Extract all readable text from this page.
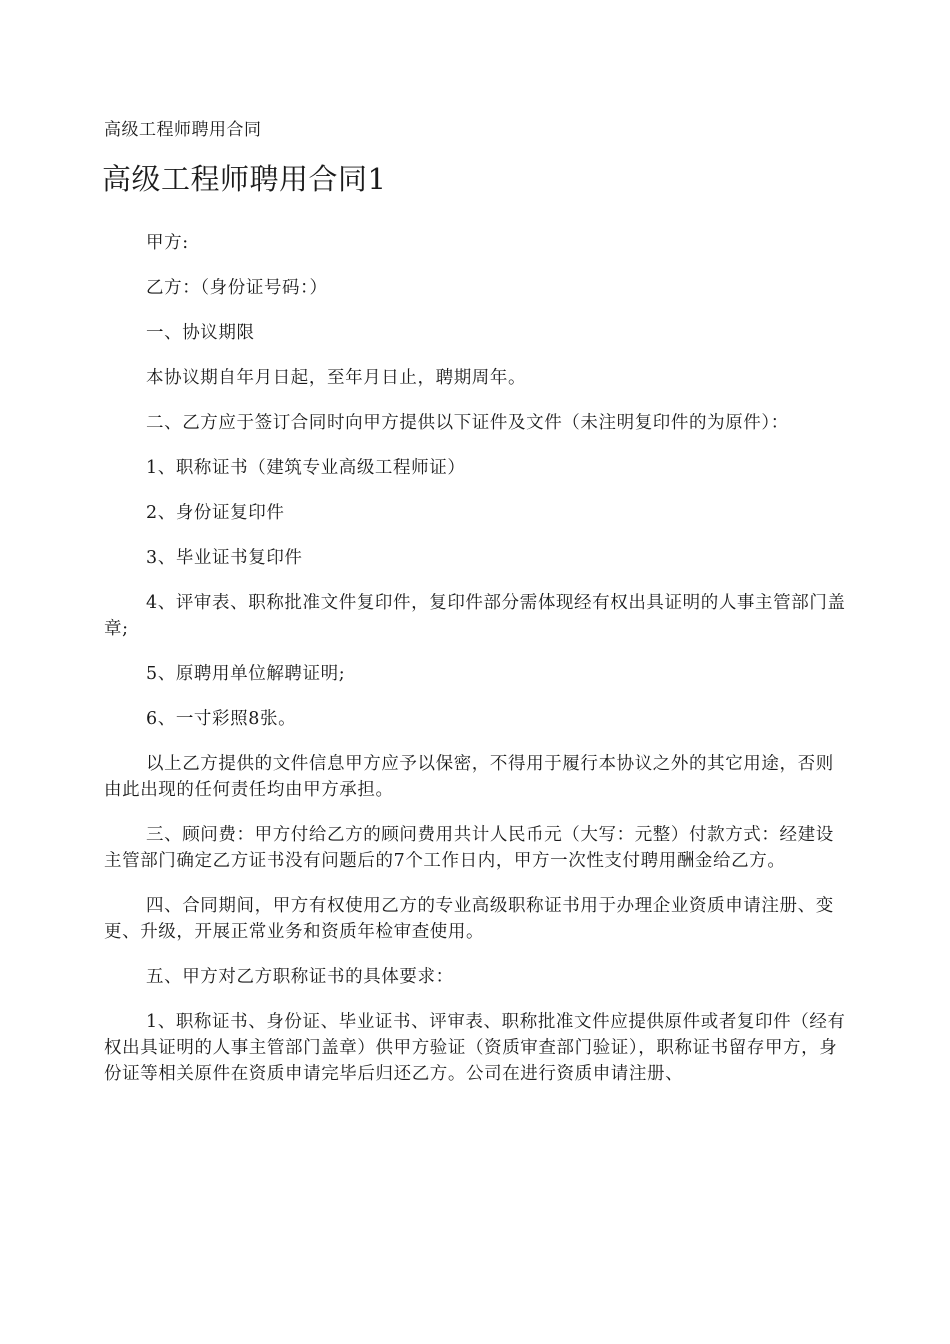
高级工程师聘用合同
高级工程师聘用合同1

甲方:

乙方：（身份证号码：）

一、协议期限

本协议期自年月日起，至年月日止，聘期周年。

二、乙方应于签订合同时向甲方提供以下证件及文件（未注明复印件的为原件）：

1、职称证书（建筑专业高级工程师证）

2、身份证复印件

3、毕业证书复印件

4、评审表、职称批准文件复印件，复印件部分需体现经有权出具证明的人事主管部门盖章;

5、原聘用单位解聘证明;

6、一寸彩照8张。

以上乙方提供的文件信息甲方应予以保密，不得用于履行本协议之外的其它用途，否则由此出现的任何责任均由甲方承担。

三、顾问费：甲方付给乙方的顾问费用共计人民币元（大写：元整）付款方式：经建设主管部门确定乙方证书没有问题后的7个工作日内，甲方一次性支付聘用酬金给乙方。

四、合同期间，甲方有权使用乙方的专业高级职称证书用于办理企业资质申请注册、变更、升级，开展正常业务和资质年检审查使用。

五、甲方对乙方职称证书的具体要求：

1、职称证书、身份证、毕业证书、评审表、职称批准文件应提供原件或者复印件（经有权出具证明的人事主管部门盖章）供甲方验证（资质审查部门验证），职称证书留存甲方，身份证等相关原件在资质申请完毕后归还乙方。公司在进行资质申请注册、
